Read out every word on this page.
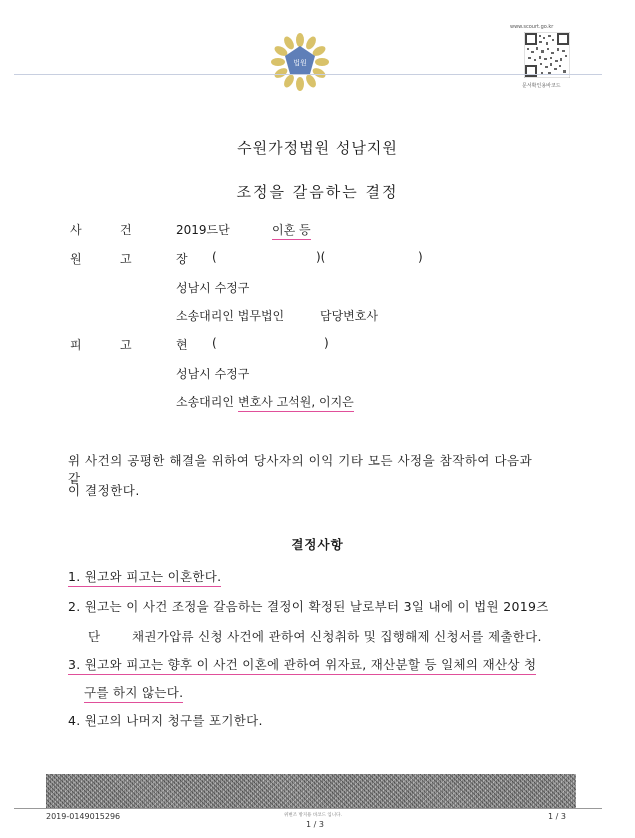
법원
www.scourt.go.kr
문서확인용바코드
수원가정법원 성남지원
조정을 갈음하는 결정
사	건	2019드단	이혼 등
원	고	장 (	)(	)
성남시 수정구
소송대리인 법무법인	담당변호사
피	고	현 (	)
성남시 수정구
소송대리인 변호사 고석원, 이지은
위 사건의 공평한 해결을 위하여 당사자의 이익 기타 모든 사정을 참작하여 다음과 같
이 결정한다.
결정사항
1. 원고와 피고는 이혼한다.
2. 원고는 이 사건 조정을 갈음하는 결정이 확정된 날로부터 3일 내에 이 법원 2019즈
단	채권가압류 신청 사건에 관하여 신청취하 및 집행해제 신청서를 제출한다.
3. 원고와 피고는 향후 이 사건 이혼에 관하여 위자료, 재산분할 등 일체의 재산상 청
구를 하지 않는다.
4. 원고의 나머지 청구를 포기한다.
2019-0149015296	위변조 방지용 바코드 입니다.
1 / 3
1 / 3
